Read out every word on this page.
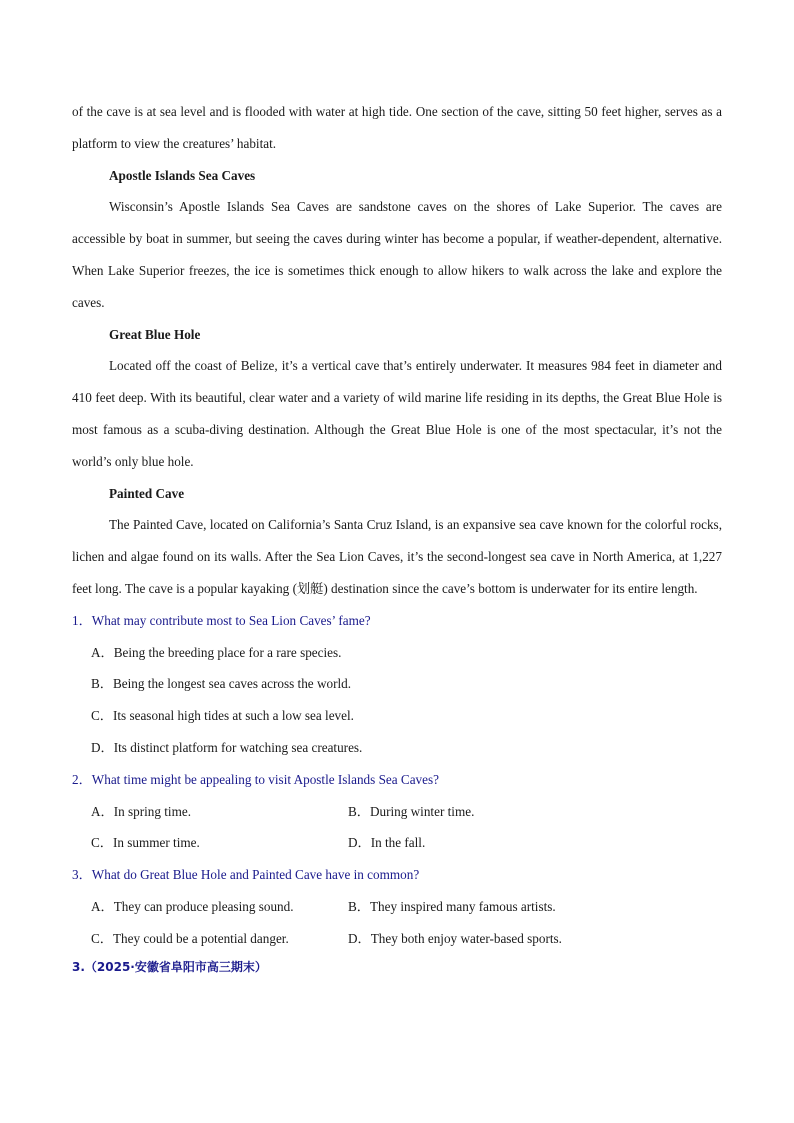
of the cave is at sea level and is flooded with water at high tide. One section of the cave, sitting 50 feet higher, serves as a platform to view the creatures’ habitat.

Apostle Islands Sea Caves

Wisconsin’s Apostle Islands Sea Caves are sandstone caves on the shores of Lake Superior. The caves are accessible by boat in summer, but seeing the caves during winter has become a popular, if weather-dependent, alternative. When Lake Superior freezes, the ice is sometimes thick enough to allow hikers to walk across the lake and explore the caves.

Great Blue Hole

Located off the coast of Belize, it’s a vertical cave that’s entirely underwater. It measures 984 feet in diameter and 410 feet deep. With its beautiful, clear water and a variety of wild marine life residing in its depths, the Great Blue Hole is most famous as a scuba-diving destination. Although the Great Blue Hole is one of the most spectacular, it’s not the world’s only blue hole.

Painted Cave

The Painted Cave, located on California’s Santa Cruz Island, is an expansive sea cave known for the colorful rocks, lichen and algae found on its walls. After the Sea Lion Caves, it’s the second-longest sea cave in North America, at 1,227 feet long. The cave is a popular kayaking (划艇) destination since the cave’s bottom is underwater for its entire length.

1．What may contribute most to Sea Lion Caves’ fame?

A．Being the breeding place for a rare species.

B．Being the longest sea caves across the world.

C．Its seasonal high tides at such a low sea level.

D．Its distinct platform for watching sea creatures.

2．What time might be appealing to visit Apostle Islands Sea Caves?

A．In spring time.	B．During winter time.
C．In summer time.	D．In the fall.

3．What do Great Blue Hole and Painted Cave have in common?

A．They can produce pleasing sound.	B．They inspired many famous artists.
C．They could be a potential danger.	D．They both enjoy water-based sports.

3.（2025·安徽省阜阳市高三期末）
